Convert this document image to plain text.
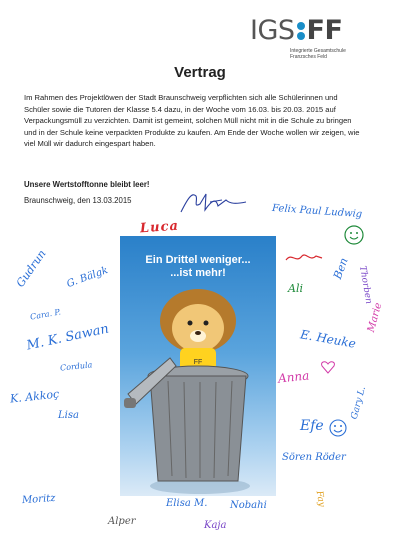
IGS FF
Integrierte Gesamtschule
Franzsches Feld
Vertrag

Im Rahmen des Projektlöwen der Stadt Braunschweig verpflichten sich alle Schülerinnen und Schüler sowie die Tutoren der Klasse 5.4 dazu, in der Woche vom 16.03. bis 20.03. 2015 auf Verpackungsmüll zu verzichten. Damit ist gemeint, solchen Müll nicht mit in die Schule zu bringen und in der Schule keine verpackten Produkte zu kaufen. Am Ende der Woche wollen wir zeigen, wie viel Müll wir dadurch eingespart haben.

Unsere Wertstofftonne bleibt leer!

Braunschweig, den 13.03.2015

Ein Drittel weniger...
...ist mehr!
FF
Luca
Felix Paul Ludwig
Gudrun G. Bälgk
Cara. P.
M. K. Sawan
Ali
Ben Thorben
Marie
E. Heuke
Cordula
K. Akkoç
Lisa
Anna
Gary L.
Efe
Sören Röder
Moritz
Alper
Elisa M. Nobahi
Kaja
Fay
